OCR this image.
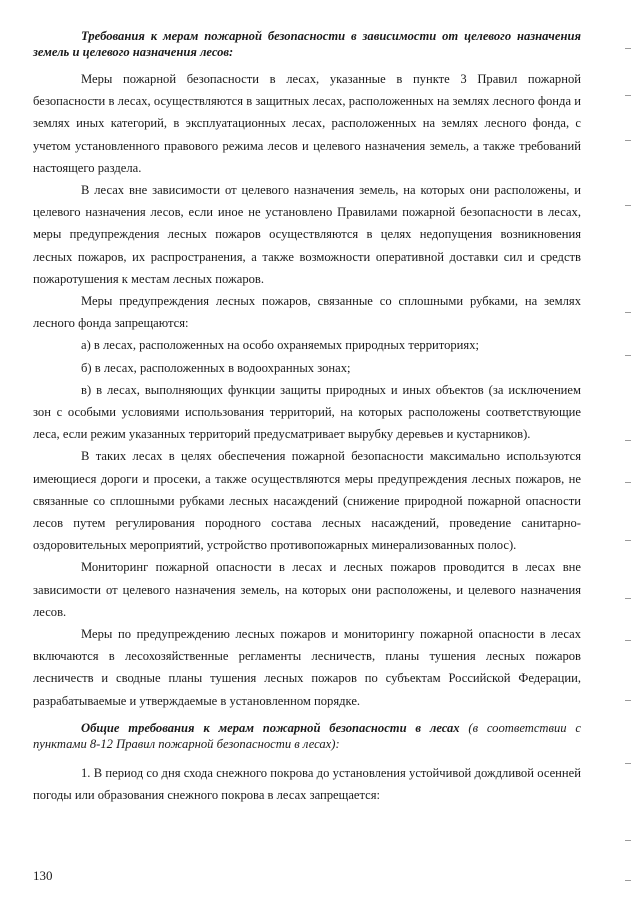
Требования к мерам пожарной безопасности в зависимости от целевого назначения земель и целевого назначения лесов:

Меры пожарной безопасности в лесах, указанные в пункте 3 Правил пожарной безопасности в лесах, осуществляются в защитных лесах, расположенных на землях лесного фонда и землях иных категорий, в эксплуатационных лесах, расположенных на землях лесного фонда, с учетом установленного правового режима лесов и целевого назначения земель, а также требований настоящего раздела.

В лесах вне зависимости от целевого назначения земель, на которых они расположены, и целевого назначения лесов, если иное не установлено Правилами пожарной безопасности в лесах, меры предупреждения лесных пожаров осуществляются в целях недопущения возникновения лесных пожаров, их распространения, а также возможности оперативной доставки сил и средств пожаротушения к местам лесных пожаров.

Меры предупреждения лесных пожаров, связанные со сплошными рубками, на землях лесного фонда запрещаются:

а) в лесах, расположенных на особо охраняемых природных территориях;

б) в лесах, расположенных в водоохранных зонах;

в) в лесах, выполняющих функции защиты природных и иных объектов (за исключением зон с особыми условиями использования территорий, на которых расположены соответствующие леса, если режим указанных территорий предусматривает вырубку деревьев и кустарников).

В таких лесах в целях обеспечения пожарной безопасности максимально используются имеющиеся дороги и просеки, а также осуществляются меры предупреждения лесных пожаров, не связанные со сплошными рубками лесных насаждений (снижение природной пожарной опасности лесов путем регулирования породного состава лесных насаждений, проведение санитарно-оздоровительных мероприятий, устройство противопожарных минерализованных полос).

Мониторинг пожарной опасности в лесах и лесных пожаров проводится в лесах вне зависимости от целевого назначения земель, на которых они расположены, и целевого назначения лесов.

Меры по предупреждению лесных пожаров и мониторингу пожарной опасности в лесах включаются в лесохозяйственные регламенты лесничеств, планы тушения лесных пожаров лесничеств и сводные планы тушения лесных пожаров по субъектам Российской Федерации, разрабатываемые и утверждаемые в установленном порядке.

Общие требования к мерам пожарной безопасности в лесах (в соответствии с пунктами 8-12 Правил пожарной безопасности в лесах):

1. В период со дня схода снежного покрова до установления устойчивой дождливой осенней погоды или образования снежного покрова в лесах запрещается:

130
